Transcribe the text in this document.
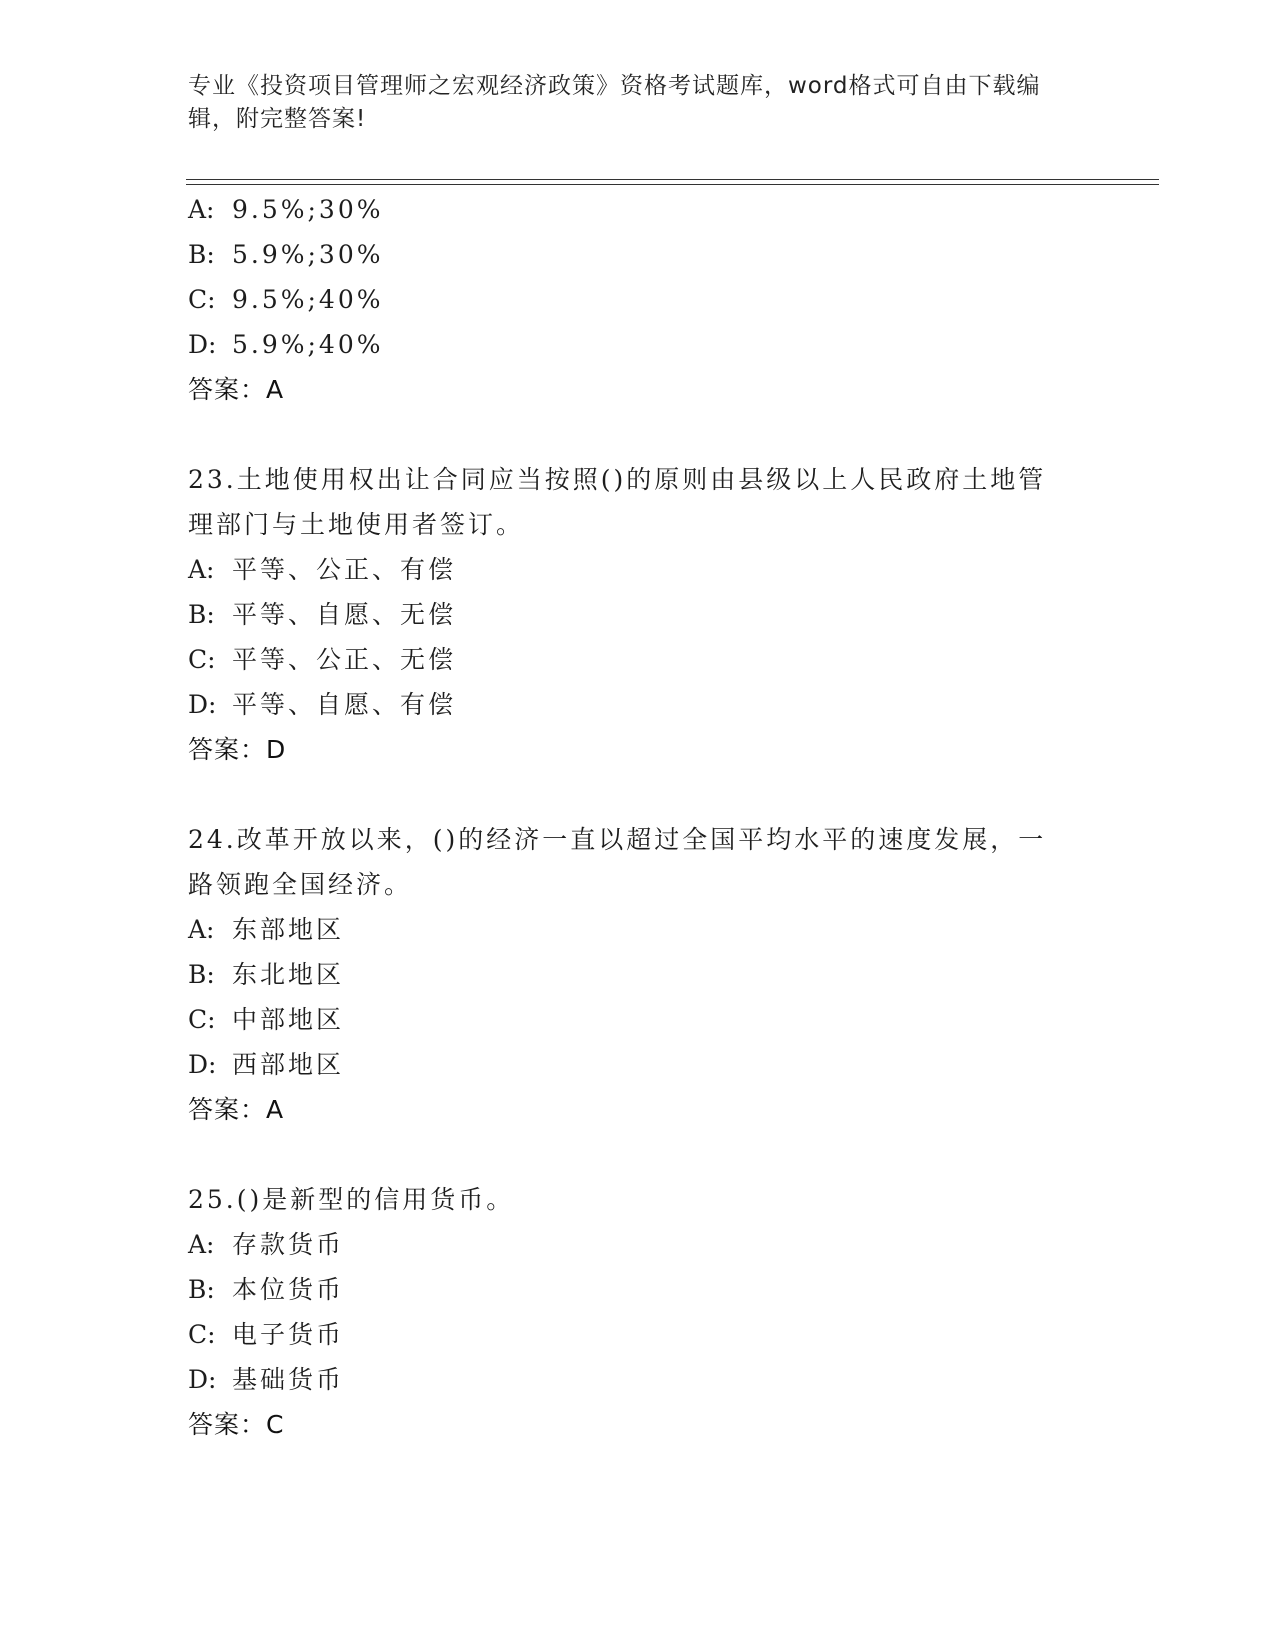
专业《投资项目管理师之宏观经济政策》资格考试题库，word格式可自由下载编
辑，附完整答案!
A: 9.5%;30%
B: 5.9%;30%
C: 9.5%;40%
D: 5.9%;40%
答案：A
23.土地使用权出让合同应当按照()的原则由县级以上人民政府土地管
理部门与土地使用者签订。
A: 平等、公正、有偿
B: 平等、自愿、无偿
C: 平等、公正、无偿
D: 平等、自愿、有偿
答案：D
24.改革开放以来，()的经济一直以超过全国平均水平的速度发展，一
路领跑全国经济。
A: 东部地区
B: 东北地区
C: 中部地区
D: 西部地区
答案：A
25.()是新型的信用货币。
A: 存款货币
B: 本位货币
C: 电子货币
D: 基础货币
答案：C
